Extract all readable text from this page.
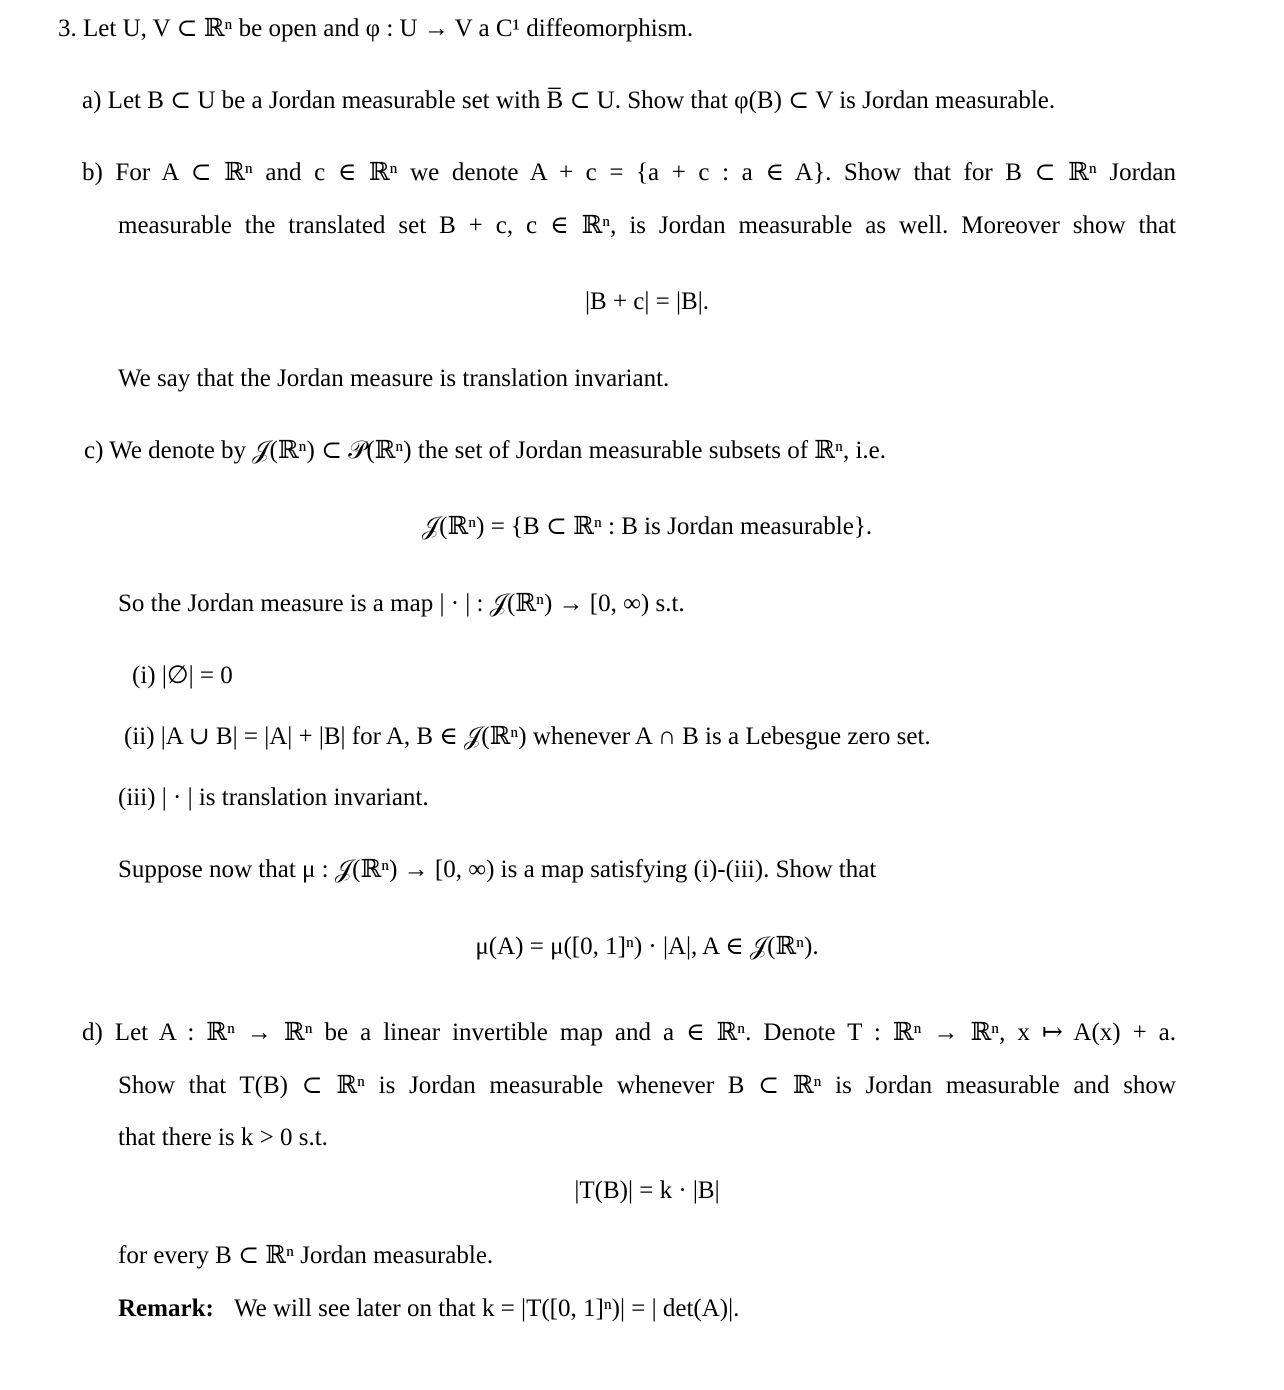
3. Let U, V ⊂ ℝⁿ be open and φ : U → V a C¹ diffeomorphism.
a) Let B ⊂ U be a Jordan measurable set with B̅ ⊂ U. Show that φ(B) ⊂ V is Jordan measurable.
b) For A ⊂ ℝⁿ and c ∈ ℝⁿ we denote A + c = {a + c : a ∈ A}. Show that for B ⊂ ℝⁿ Jordan
measurable the translated set B + c, c ∈ ℝⁿ, is Jordan measurable as well. Moreover show that
|B + c| = |B|.
We say that the Jordan measure is translation invariant.
c) We denote by 𝒥(ℝⁿ) ⊂ 𝒫(ℝⁿ) the set of Jordan measurable subsets of ℝⁿ, i.e.
𝒥(ℝⁿ) = {B ⊂ ℝⁿ : B is Jordan measurable}.
So the Jordan measure is a map | · | : 𝒥(ℝⁿ) → [0, ∞) s.t.
(i) |∅| = 0
(ii) |A ∪ B| = |A| + |B| for A, B ∈ 𝒥(ℝⁿ) whenever A ∩ B is a Lebesgue zero set.
(iii) | · | is translation invariant.
Suppose now that μ : 𝒥(ℝⁿ) → [0, ∞) is a map satisfying (i)-(iii). Show that
μ(A) = μ([0, 1]ⁿ) · |A|, A ∈ 𝒥(ℝⁿ).
d) Let A : ℝⁿ → ℝⁿ be a linear invertible map and a ∈ ℝⁿ. Denote T : ℝⁿ → ℝⁿ, x ↦ A(x) + a.
Show that T(B) ⊂ ℝⁿ is Jordan measurable whenever B ⊂ ℝⁿ is Jordan measurable and show
that there is k > 0 s.t.
|T(B)| = k · |B|
for every B ⊂ ℝⁿ Jordan measurable.
Remark: We will see later on that k = |T([0, 1]ⁿ)| = | det(A)|.
